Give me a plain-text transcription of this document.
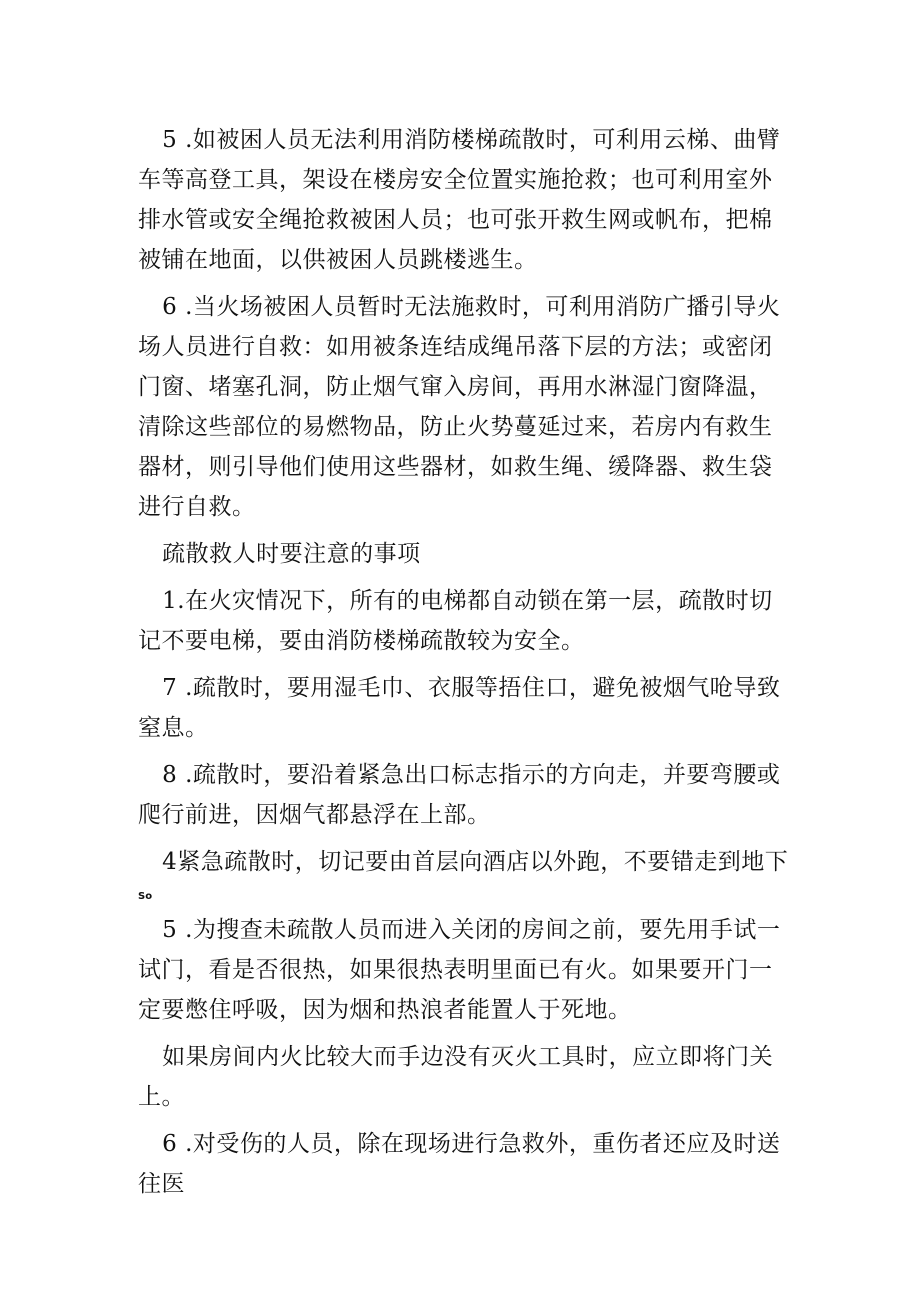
5 .如被困人员无法利用消防楼梯疏散时，可利用云梯、曲臂车等高登工具，架设在楼房安全位置实施抢救；也可利用室外排水管或安全绳抢救被困人员；也可张开救生网或帆布，把棉被铺在地面，以供被困人员跳楼逃生。

6 .当火场被困人员暂时无法施救时，可利用消防广播引导火场人员进行自救：如用被条连结成绳吊落下层的方法；或密闭门窗、堵塞孔洞，防止烟气窜入房间，再用水淋湿门窗降温，清除这些部位的易燃物品，防止火势蔓延过来，若房内有救生器材，则引导他们使用这些器材，如救生绳、缓降器、救生袋进行自救。

疏散救人时要注意的事项

1.在火灾情况下，所有的电梯都自动锁在第一层，疏散时切记不要电梯，要由消防楼梯疏散较为安全。

7 .疏散时，要用湿毛巾、衣服等捂住口，避免被烟气呛导致窒息。

8 .疏散时，要沿着紧急出口标志指示的方向走，并要弯腰或爬行前进，因烟气都悬浮在上部。

4紧急疏散时，切记要由首层向酒店以外跑，不要错走到地下

So

5 .为搜查未疏散人员而进入关闭的房间之前，要先用手试一试门，看是否很热，如果很热表明里面已有火。如果要开门一定要憋住呼吸，因为烟和热浪者能置人于死地。

如果房间内火比较大而手边没有灭火工具时，应立即将门关上。

6 .对受伤的人员，除在现场进行急救外，重伤者还应及时送往医
